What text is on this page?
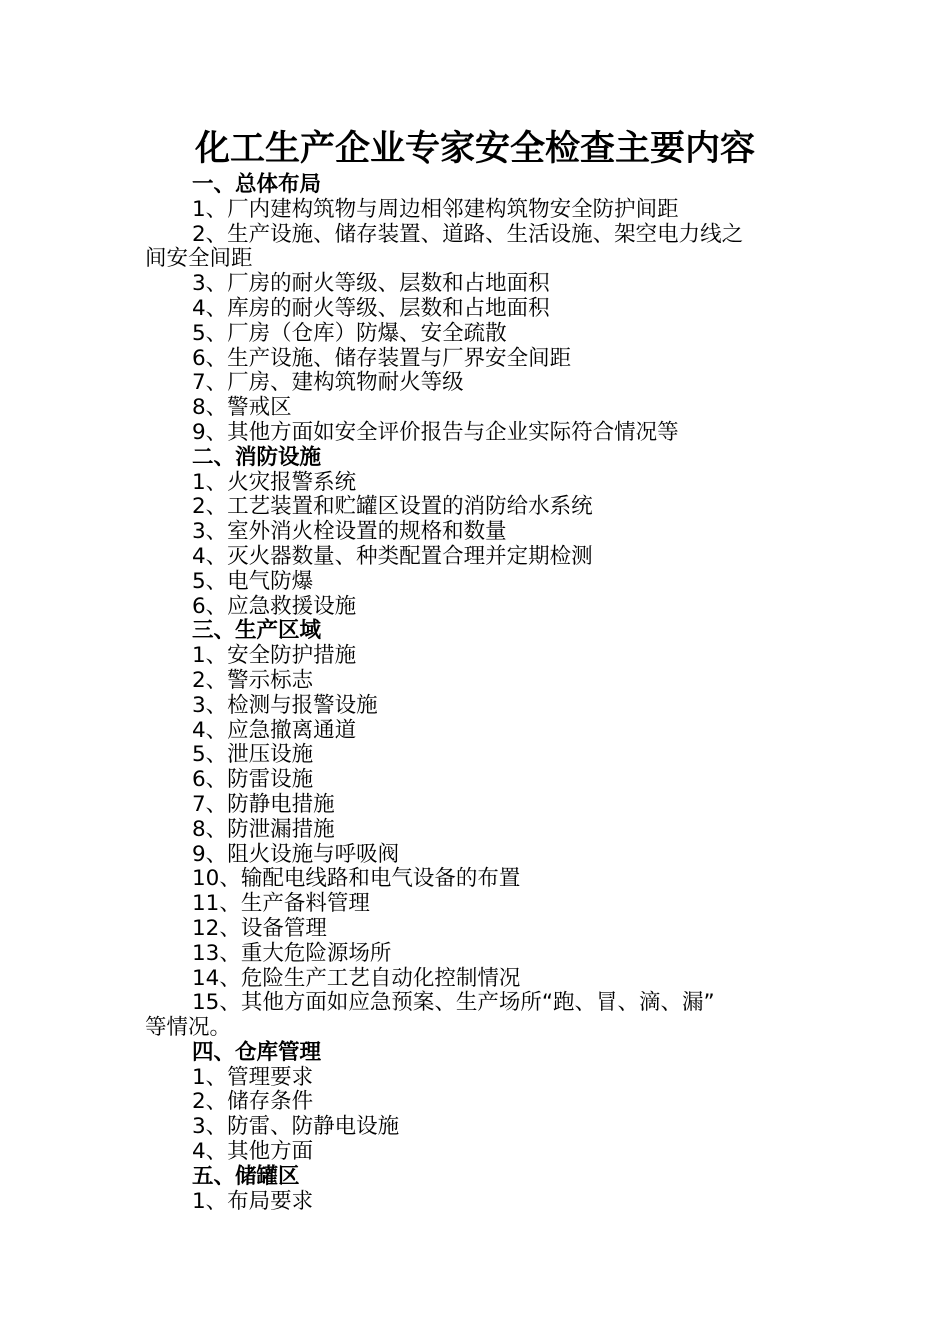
化工生产企业专家安全检查主要内容
一、总体布局
1、厂内建构筑物与周边相邻建构筑物安全防护间距
2、生产设施、储存装置、道路、生活设施、架空电力线之
间安全间距
3、厂房的耐火等级、层数和占地面积
4、库房的耐火等级、层数和占地面积
5、厂房（仓库）防爆、安全疏散
6、生产设施、储存装置与厂界安全间距
7、厂房、建构筑物耐火等级
8、警戒区
9、其他方面如安全评价报告与企业实际符合情况等
二、消防设施
1、火灾报警系统
2、工艺装置和贮罐区设置的消防给水系统
3、室外消火栓设置的规格和数量
4、灭火器数量、种类配置合理并定期检测
5、电气防爆
6、应急救援设施
三、生产区域
1、安全防护措施
2、警示标志
3、检测与报警设施
4、应急撤离通道
5、泄压设施
6、防雷设施
7、防静电措施
8、防泄漏措施
9、阻火设施与呼吸阀
10、输配电线路和电气设备的布置
11、生产备料管理
12、设备管理
13、重大危险源场所
14、危险生产工艺自动化控制情况
15、其他方面如应急预案、生产场所“跑、冒、滴、漏”
等情况。
四、仓库管理
1、管理要求
2、储存条件
3、防雷、防静电设施
4、其他方面
五、储罐区
1、布局要求
